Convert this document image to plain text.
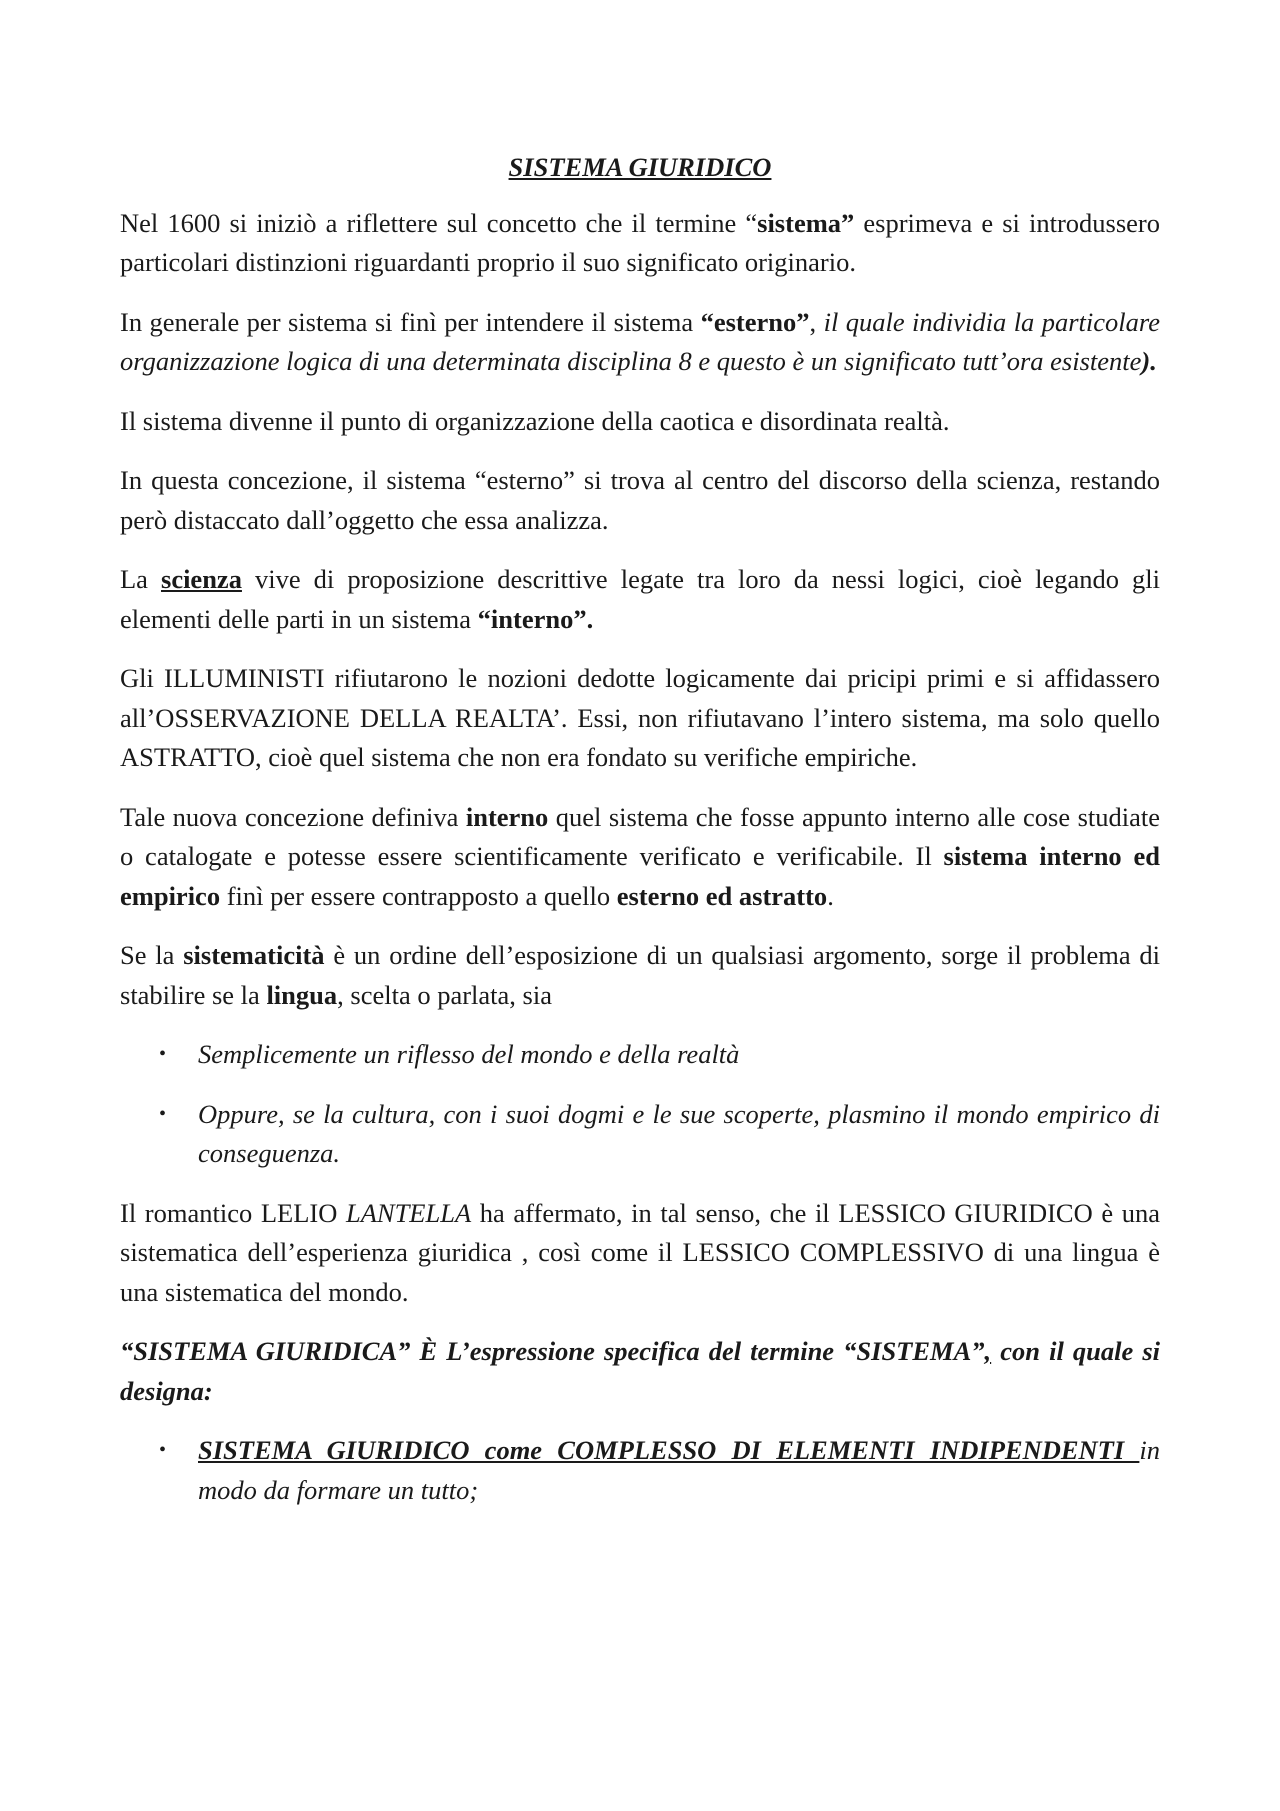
SISTEMA GIURIDICO

Nel 1600 si iniziò a riflettere sul concetto che il termine “sistema” esprimeva e si introdussero particolari distinzioni riguardanti proprio il suo significato originario.

In generale per sistema si finì per intendere il sistema “esterno”, il quale individia la particolare organizzazione logica di una determinata disciplina 8 e questo è un significato tutt’ora esistente).

Il sistema divenne il punto di organizzazione della caotica e disordinata realtà.

In questa concezione, il sistema “esterno” si trova al centro del discorso della scienza, restando però distaccato dall’oggetto che essa analizza.

La scienza vive di proposizione descrittive legate tra loro da nessi logici, cioè legando gli elementi delle parti in un sistema “interno”.

Gli ILLUMINISTI rifiutarono le nozioni dedotte logicamente dai pricipi primi e si affidassero all’OSSERVAZIONE DELLA REALTA’. Essi, non rifiutavano l’intero sistema, ma solo quello ASTRATTO, cioè quel sistema che non era fondato su verifiche empiriche.

Tale nuova concezione definiva interno quel sistema che fosse appunto interno alle cose studiate o catalogate e potesse essere scientificamente verificato e verificabile. Il sistema interno ed empirico finì per essere contrapposto a quello esterno ed astratto.

Se la sistematicità è un ordine dell’esposizione di un qualsiasi argomento, sorge il problema di stabilire se la lingua, scelta o parlata, sia

• Semplicemente un riflesso del mondo e della realtà
• Oppure, se la cultura, con i suoi dogmi e le sue scoperte, plasmino il mondo empirico di conseguenza.

Il romantico LELIO LANTELLA ha affermato, in tal senso, che il LESSICO GIURIDICO è una sistematica dell’esperienza giuridica , così come il LESSICO COMPLESSIVO di una lingua è una sistematica del mondo.

“SISTEMA GIURIDICA” È L’espressione specifica del termine “SISTEMA”, con il quale si designa:

• SISTEMA GIURIDICO come COMPLESSO DI ELEMENTI INDIPENDENTI in modo da formare un tutto;
